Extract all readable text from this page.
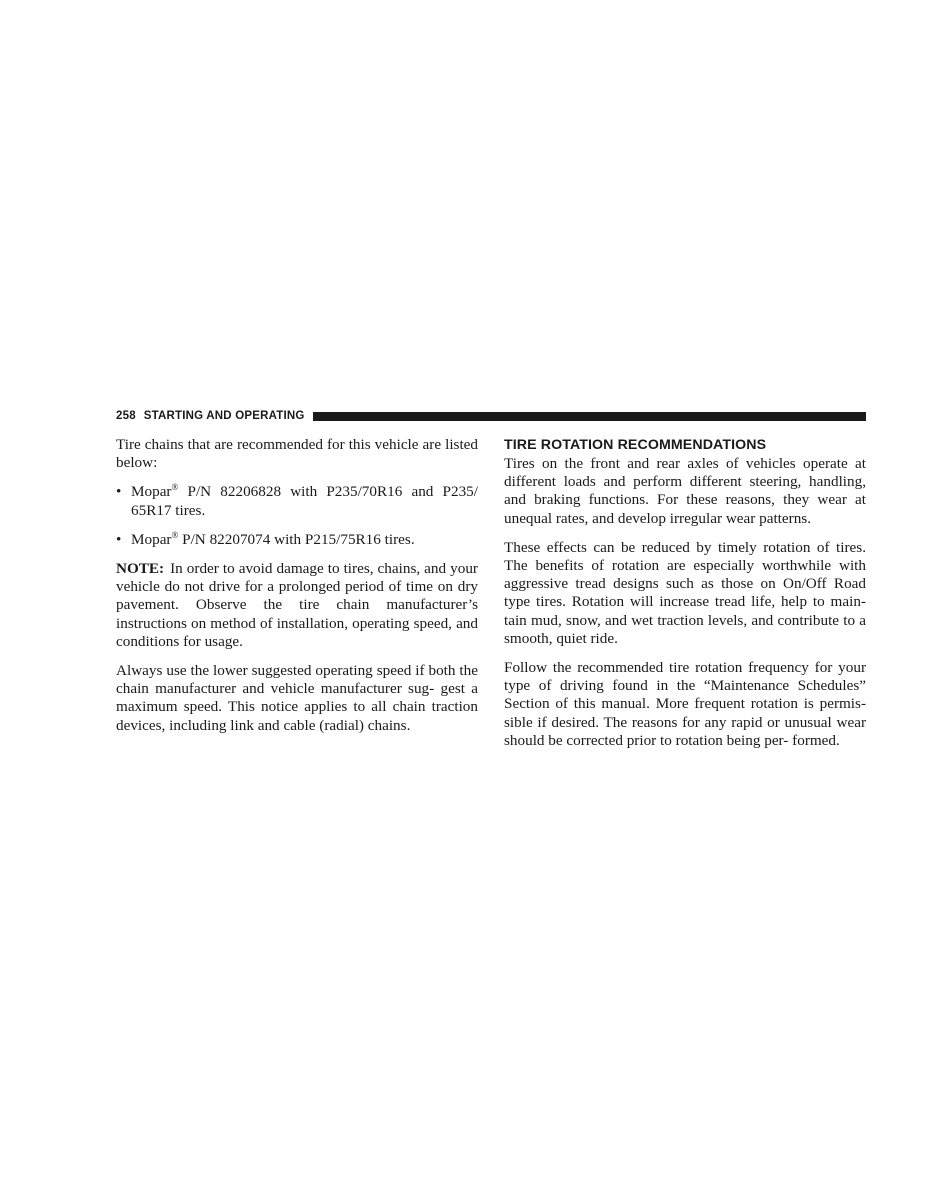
258 STARTING AND OPERATING

Tire chains that are recommended for this vehicle are listed below:

• Mopar® P/N 82206828 with P235/70R16 and P235/ 65R17 tires.
• Mopar® P/N 82207074 with P215/75R16 tires.

NOTE: In order to avoid damage to tires, chains, and your vehicle do not drive for a prolonged period of time on dry pavement. Observe the tire chain manufacturer’s instructions on method of installation, operating speed, and conditions for usage.

Always use the lower suggested operating speed if both the chain manufacturer and vehicle manufacturer sug- gest a maximum speed. This notice applies to all chain traction devices, including link and cable (radial) chains.

TIRE ROTATION RECOMMENDATIONS

Tires on the front and rear axles of vehicles operate at different loads and perform different steering, handling, and braking functions. For these reasons, they wear at unequal rates, and develop irregular wear patterns.

These effects can be reduced by timely rotation of tires. The benefits of rotation are especially worthwhile with aggressive tread designs such as those on On/Off Road type tires. Rotation will increase tread life, help to main- tain mud, snow, and wet traction levels, and contribute to a smooth, quiet ride.

Follow the recommended tire rotation frequency for your type of driving found in the “Maintenance Schedules” Section of this manual. More frequent rotation is permis- sible if desired. The reasons for any rapid or unusual wear should be corrected prior to rotation being per- formed.
